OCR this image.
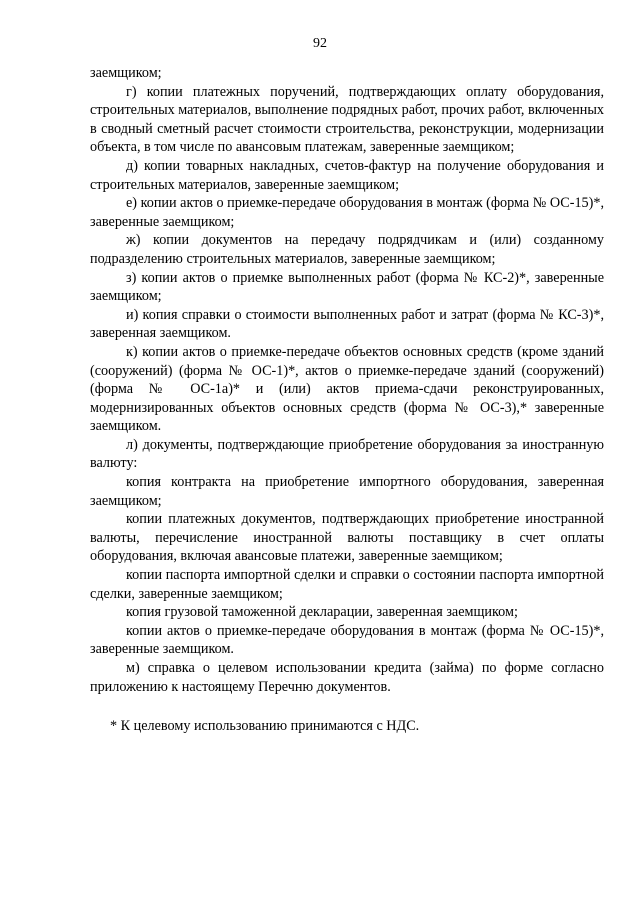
92

заемщиком;

г) копии платежных поручений, подтверждающих оплату оборудования, строительных материалов, выполнение подрядных работ, прочих работ, включенных в сводный сметный расчет стоимости строительства, реконструкции, модернизации объекта, в том числе по авансовым платежам, заверенные заемщиком;

д) копии товарных накладных, счетов-фактур на получение оборудования и строительных материалов, заверенные заемщиком;

е) копии актов о приемке-передаче оборудования в монтаж (форма № ОС-15)*, заверенные заемщиком;

ж) копии документов на передачу подрядчикам и (или) созданному подразделению строительных материалов, заверенные заемщиком;

з) копии актов о приемке выполненных работ (форма № КС-2)*, заверенные заемщиком;

и) копия справки о стоимости выполненных работ и затрат (форма № КС-3)*, заверенная заемщиком.

к) копии актов о приемке-передаче объектов основных средств (кроме зданий (сооружений) (форма № ОС-1)*, актов о приемке-передаче зданий (сооружений) (форма № ОС-1а)* и (или) актов приема-сдачи реконструированных, модернизированных объектов основных средств (форма № ОС-3),* заверенные заемщиком.

л) документы, подтверждающие приобретение оборудования за иностранную валюту:

копия контракта на приобретение импортного оборудования, заверенная заемщиком;

копии платежных документов, подтверждающих приобретение иностранной валюты, перечисление иностранной валюты поставщику в счет оплаты оборудования, включая авансовые платежи, заверенные заемщиком;

копии паспорта импортной сделки и справки о состоянии паспорта импортной сделки, заверенные заемщиком;

копия грузовой таможенной декларации, заверенная заемщиком;

копии актов о приемке-передаче оборудования в монтаж (форма № ОС-15)*, заверенные заемщиком.

м) справка о целевом использовании кредита (займа) по форме согласно приложению к настоящему Перечню документов.

* К целевому использованию принимаются с НДС.
